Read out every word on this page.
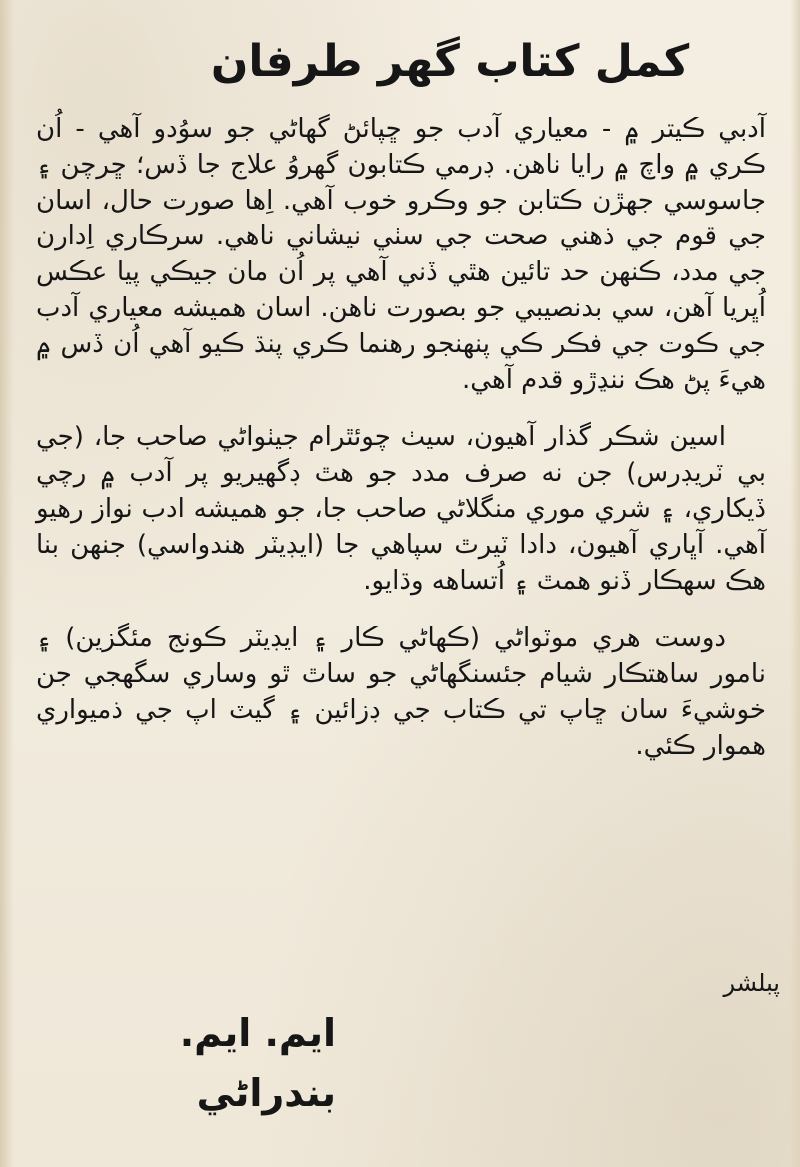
كمل كتاب گهر طرفان

آدبي ڪيتر ۾ - معياري آدب جو ڇپائڻ گهاڻي جو سوُدو آهي - اُن ڪري ۾ واچ ۾ رايا ناهن. ڊرمي ڪتابون گهروُ علاج جا ڏس؛ ڇرچن ۽ جاسوسي جهڙن ڪتابن جو وڪرو خوب آهي. اِها صورت حال، اسان جي قوم جي ذهني صحت جي سٺي نيشاني ناهي. سرڪاري اِدارن جي مدد، ڪنهن حد تائين هٿي ڏني آهي پر اُن مان جيڪي پيا عڪس اُڀريا آهن، سي بدنصيبي جو بصورت ناهن. اسان هميشه معياري آدب جي ڪوت جي فڪر ڪي پنهنجو رهنما ڪري پنڌ ڪيو آهي اُن ڏس ۾ هيءَ پڻ هڪ ننڍڙو قدم آهي.

اسين شڪر گذار آهيون، سيٺ چوئٿرام جيٺواڻي صاحب جا، (جي بي ٽريڊرس) جن نه صرف مدد جو هٿ ڊگهيريو پر آدب ۾ رچي ڏيکاري، ۽ شري موري منگلاڻي صاحب جا، جو هميشه ادب نواز رهيو آهي. آڀاري آهيون، دادا ٽيرٿ سپاهي جا (ايڊيٽر هندواسي) جنهن بنا هڪ سهڪار ڏنو همٿ ۽ اُتساهه وڌايو.

دوست هري موٽواڻي (ڪهاڻي ڪار ۽ ايڊيٽر ڪونج مئگزين) ۽ نامور ساهتڪار شيام جئسنگهاڻي جو ساٿ ٿو وساري سگهجي جن خوشيءَ سان ڇاپ تي ڪتاب جي ڊزائين ۽ گيٽ اپ جي ذميواري هموار ڪئي.

پبلشر

ايم. ايم. بندراڻي
